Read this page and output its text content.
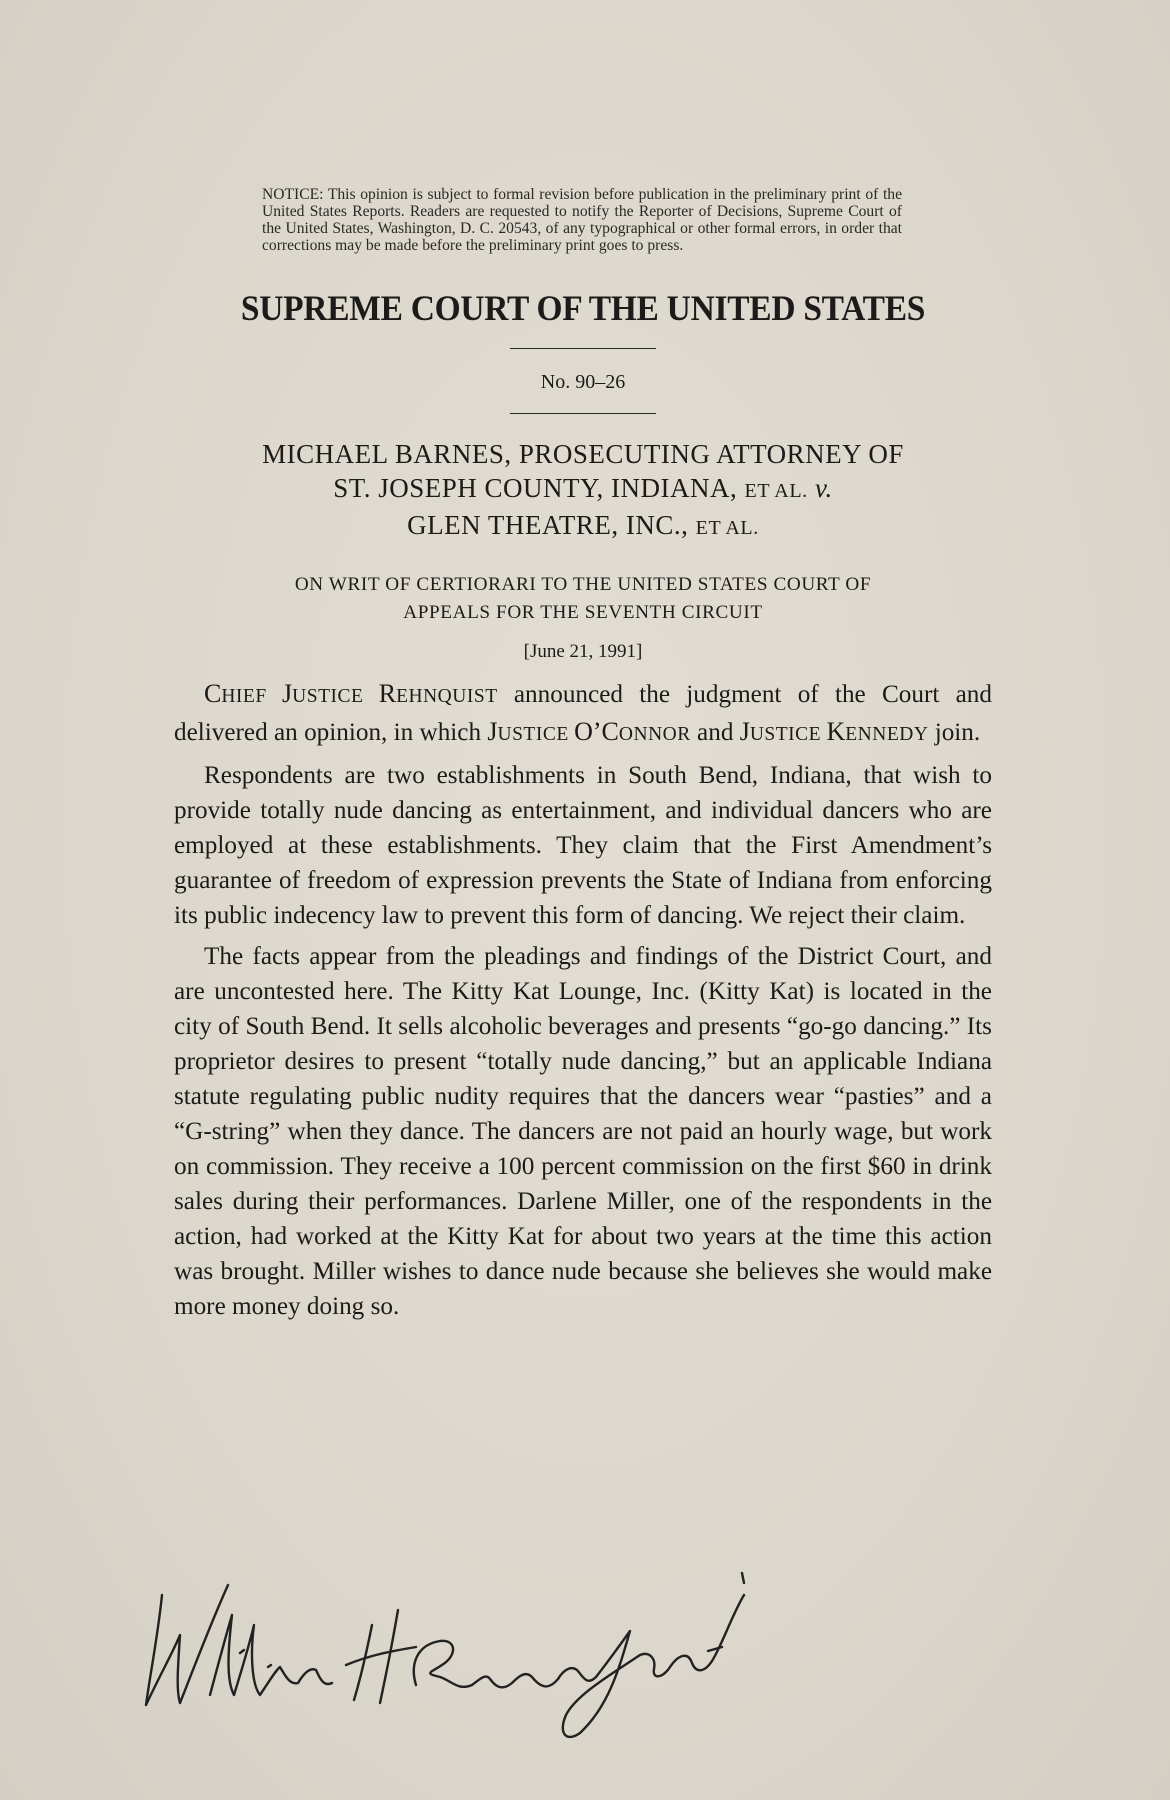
NOTICE: This opinion is subject to formal revision before publication in the preliminary print of the United States Reports. Readers are requested to notify the Reporter of Decisions, Supreme Court of the United States, Washington, D. C. 20543, of any typographical or other formal errors, in order that corrections may be made before the preliminary print goes to press.
SUPREME COURT OF THE UNITED STATES
No. 90–26
MICHAEL BARNES, PROSECUTING ATTORNEY OF
ST. JOSEPH COUNTY, INDIANA, ET AL. v.
GLEN THEATRE, INC., ET AL.
ON WRIT OF CERTIORARI TO THE UNITED STATES COURT OF
APPEALS FOR THE SEVENTH CIRCUIT
[June 21, 1991]

CHIEF JUSTICE REHNQUIST announced the judgment of the Court and delivered an opinion, in which JUSTICE O’CONNOR and JUSTICE KENNEDY join.

Respondents are two establishments in South Bend, Indiana, that wish to provide totally nude dancing as entertainment, and individual dancers who are employed at these establishments. They claim that the First Amendment’s guarantee of freedom of expression prevents the State of Indiana from enforcing its public indecency law to prevent this form of dancing. We reject their claim.

The facts appear from the pleadings and findings of the District Court, and are uncontested here. The Kitty Kat Lounge, Inc. (Kitty Kat) is located in the city of South Bend. It sells alcoholic beverages and presents “go-go dancing.” Its proprietor desires to present “totally nude dancing,” but an applicable Indiana statute regulating public nudity requires that the dancers wear “pasties” and a “G-string” when they dance. The dancers are not paid an hourly wage, but work on commission. They receive a 100 percent commission on the first $60 in drink sales during their performances. Darlene Miller, one of the respondents in the action, had worked at the Kitty Kat for about two years at the time this action was brought. Miller wishes to dance nude because she believes she would make more money doing so.
